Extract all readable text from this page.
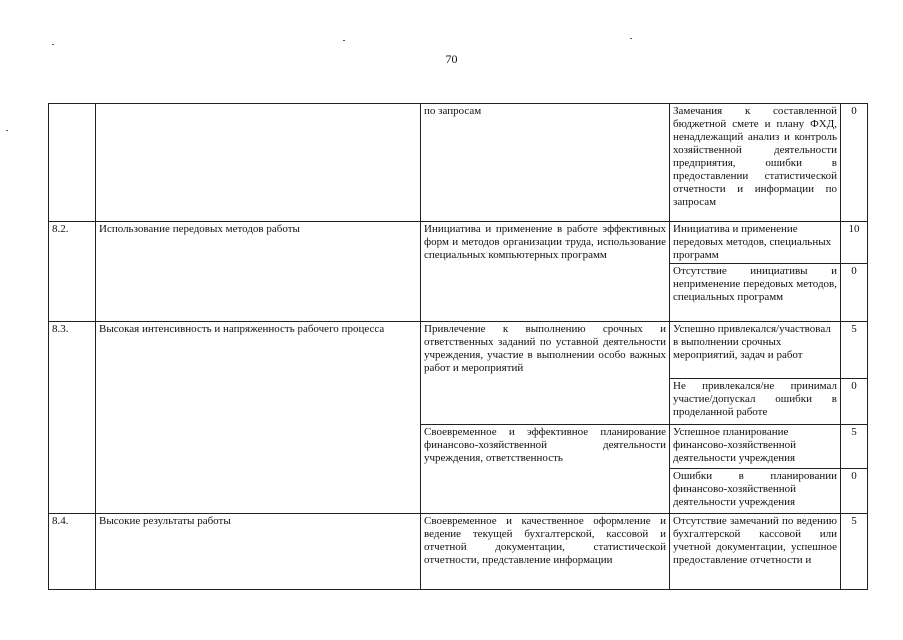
70
		по запросам	Замечания к составленной бюджетной смете и плану ФХД, ненадлежащий анализ и контроль хозяйственной деятельности предприятия, ошибки в предоставлении статистической отчетности и информации по запросам	0
8.2.	Использование передовых методов работы	Инициатива и применение в работе эффективных форм и методов организации труда, использование специальных компьютерных программ	Инициатива и применение передовых методов, специальных программ	10
			Отсутствие инициативы и неприменение передовых методов, специальных программ	0
8.3.	Высокая интенсивность и напряженность рабочего процесса	Привлечение к выполнению срочных и ответственных заданий по уставной деятельности учреждения, участие в выполнении особо важных работ и мероприятий	Успешно привлекался/участвовал в выполнении срочных мероприятий, задач и работ	5
			Не привлекался/не принимал участие/допускал ошибки в проделанной работе	0
		Своевременное и эффективное планирование финансово-хозяйственной деятельности учреждения, ответственность	Успешное планирование финансово-хозяйственной деятельности учреждения	5
			Ошибки в планировании финансово-хозяйственной деятельности учреждения	0
8.4.	Высокие результаты работы	Своевременное и качественное оформление и ведение текущей бухгалтерской, кассовой и отчетной документации, статистической отчетности, представление информации	Отсутствие замечаний по ведению бухгалтерской кассовой или учетной документации, успешное предоставление отчетности и	5
